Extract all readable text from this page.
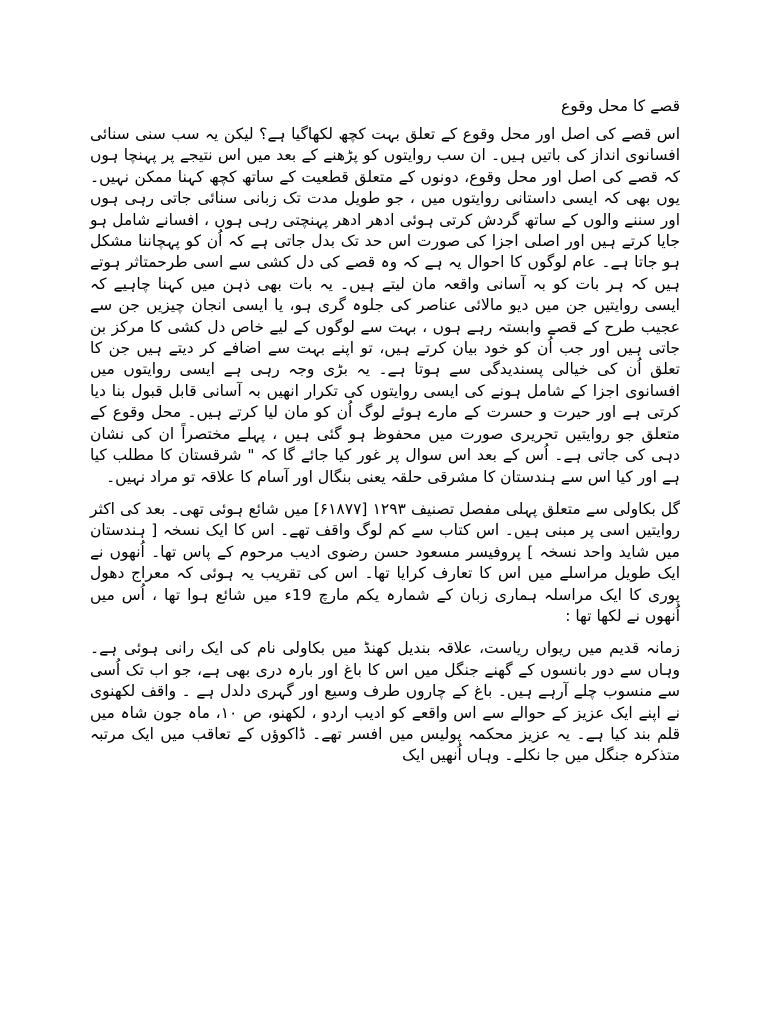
قصے کا محل وقوع

اس قصے کی اصل اور محل وقوع کے تعلق بہت کچھ لکھاگیا ہے؟ لیکن یہ سب سنی سنائی افسانوی انداز کی باتیں ہیں۔ ان سب روایتوں کو پڑھنے کے بعد میں اس نتیجے پر پہنچا ہوں کہ قصے کی اصل اور محل وقوع، دونوں کے متعلق قطعیت کے ساتھ کچھ کہنا ممکن نہیں۔ یوں بھی کہ ایسی داستانی روایتوں میں ، جو طویل مدت تک زبانی سنائی جاتی رہی ہوں اور سننے والوں کے ساتھ گردش کرتی ہوئی ادھر ادھر پہنچتی رہی ہوں ، افسانے شامل ہو جایا کرتے ہیں اور اصلی اجزا کی صورت اس حد تک بدل جاتی ہے کہ اُن کو پہچاننا مشکل ہو جاتا ہے۔ عام لوگوں کا احوال یہ ہے کہ وہ قصے کی دل کشی سے اسی طرحمتاثر ہوتے ہیں کہ ہر بات کو بہ آسانی واقعہ مان لیتے ہیں۔ یہ بات بھی ذہن میں کہنا چاہیے کہ ایسی روایتیں جن میں دیو مالائی عناصر کی جلوہ گری ہو، یا ایسی انجان چیزیں جن سے عجیب طرح کے قصے وابستہ رہے ہوں ، بہت سے لوگوں کے لیے خاص دل کشی کا مرکز بن جاتی ہیں اور جب اُن کو خود بیان کرتے ہیں، تو اپنے بہت سے اضافے کر دیتے ہیں جن کا تعلق اُن کی خیالی پسندیدگی سے ہوتا ہے۔ یہ بڑی وجہ رہی ہے ایسی روایتوں میں افسانوی اجزا کے شامل ہونے کی ایسی روایتوں کی تکرار انھیں بہ آسانی قابل قبول بنا دیا کرتی ہے اور حیرت و حسرت کے مارے ہوئے لوگ اُن کو مان لیا کرتے ہیں۔ محل وقوع کے متعلق جو روایتیں تحریری صورت میں محفوظ ہو گئی ہیں ، پہلے مختصراً ان کی نشان دہی کی جاتی ہے۔ اُس کے بعد اس سوال پر غور کیا جائے گا کہ " شرقستان کا مطلب کیا ہے اور کیا اس سے ہندستان کا مشرقی حلقہ یعنی بنگال اور آسام کا علاقہ تو مراد نہیں۔

گل بکاولی سے متعلق پہلی مفصل تصنیف ۱۲۹۳ [۶۱۸۷۷] میں شائع ہوئی تھی۔ بعد کی اکثر روایتیں اسی پر مبنی ہیں۔ اس کتاب سے کم لوگ واقف تھے۔ اس کا ایک نسخہ [ ہندستان میں شاید واحد نسخہ ] پروفیسر مسعود حسن رضوی ادیب مرحوم کے پاس تھا۔ اُنھوں نے ایک طویل مراسلے میں اس کا تعارف کرایا تھا۔ اس کی تقریب یہ ہوئی کہ معراج دھول پوری کا ایک مراسلہ ہماری زبان کے شمارہ یکم مارچ 19ء میں شائع ہوا تھا ، اُس میں اُنھوں نے لکھا تھا :

زمانہ قدیم میں ریواں ریاست، علاقہ بندیل کھنڈ میں بکاولی نام کی ایک رانی ہوئی ہے۔ وہاں سے دور بانسوں کے گھنے جنگل میں اس کا باغ اور بارہ دری بھی ہے، جو اب تک اُسی سے منسوب چلے آرہے ہیں۔ باغ کے چاروں طرف وسیع اور گہری دلدل ہے ۔ واقف لکھنوی نے اپنے ایک عزیز کے حوالے سے اس واقعے کو ادیب اردو ، لکھنو، ص ۱۰، ماہ جون شاہ میں قلم بند کیا ہے۔ یہ عزیز محکمہ پولیس میں افسر تھے۔ ڈاکوؤں کے تعاقب میں ایک مرتبہ متذکرہ جنگل میں جا نکلے۔ وہاں اُنھیں ایک
